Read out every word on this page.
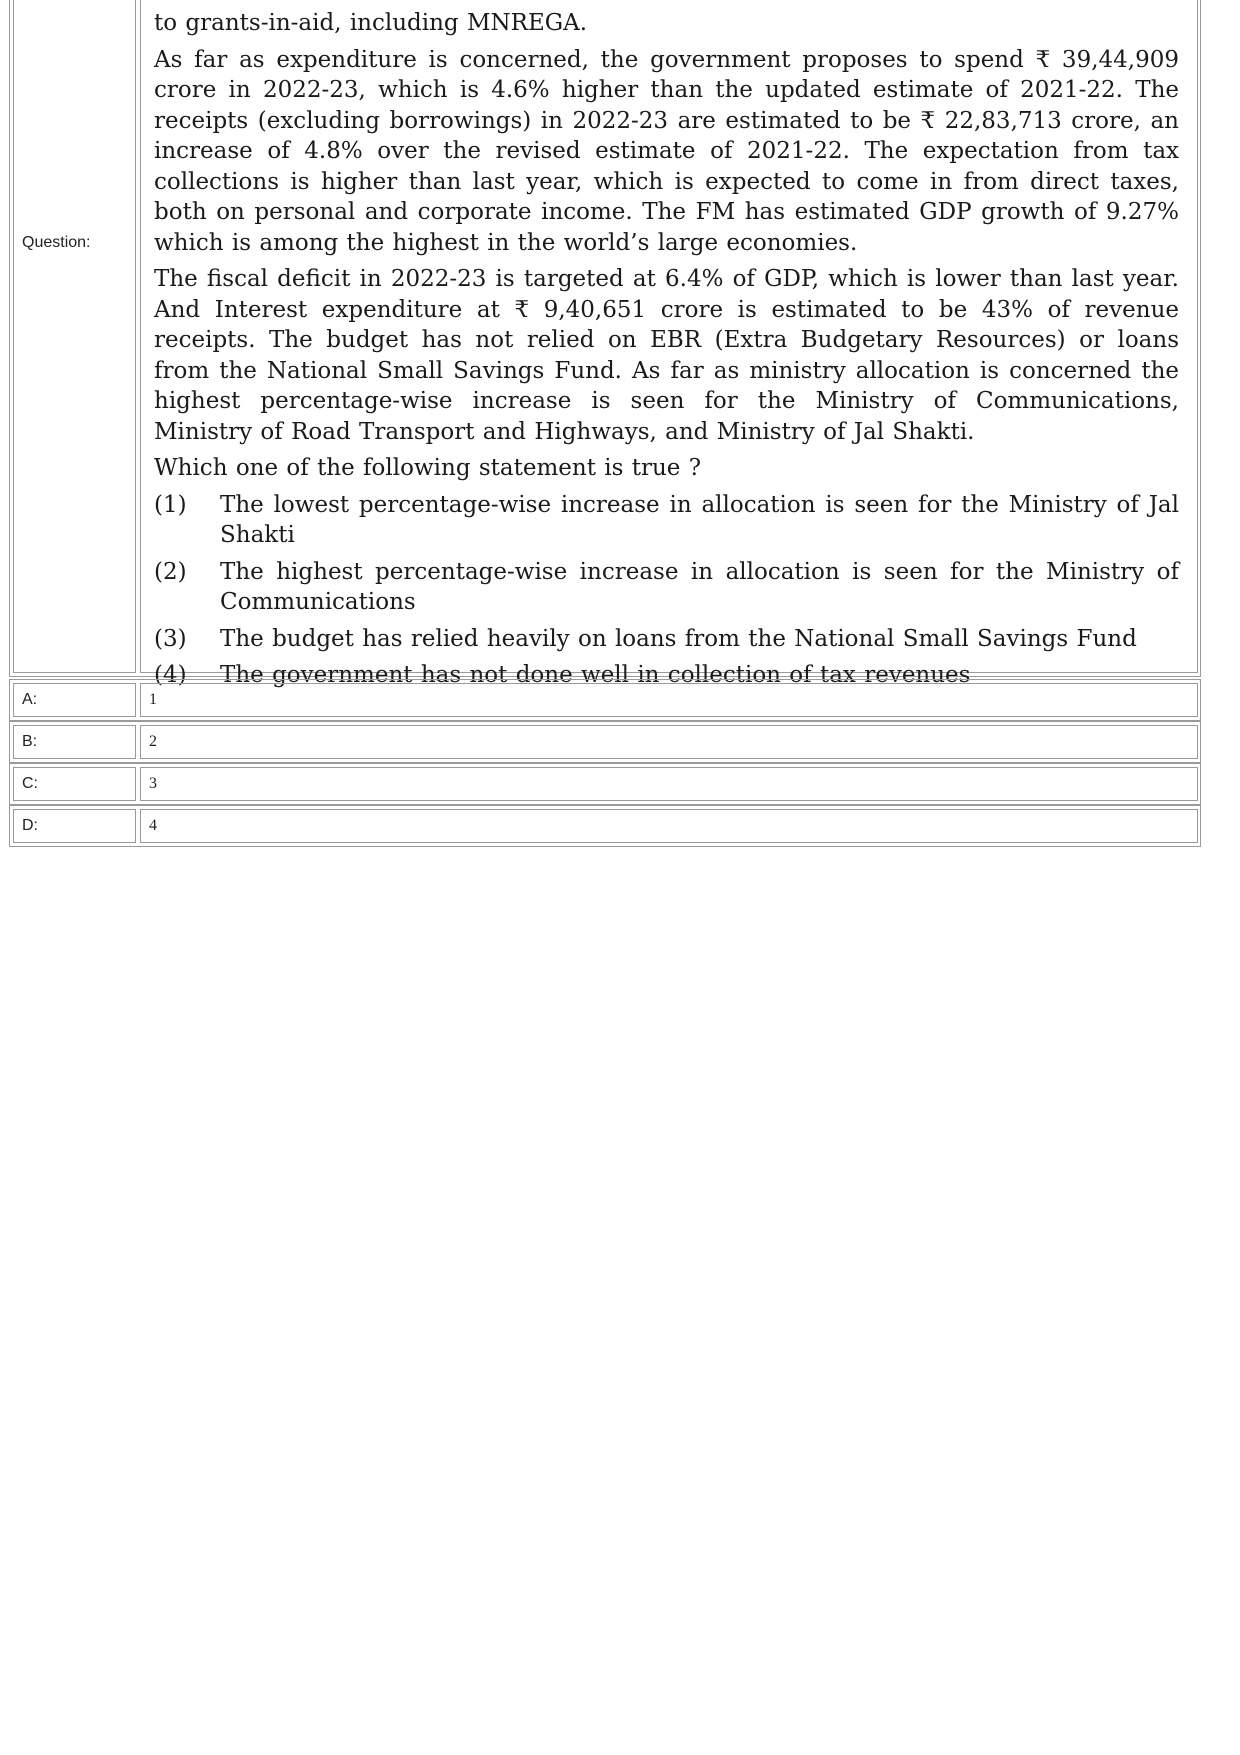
Question:

to grants-in-aid, including MNREGA.

As far as expenditure is concerned, the government proposes to spend ₹ 39,44,909 crore in 2022-23, which is 4.6% higher than the updated estimate of 2021-22. The receipts (excluding borrowings) in 2022-23 are estimated to be ₹ 22,83,713 crore, an increase of 4.8% over the revised estimate of 2021-22. The expectation from tax collections is higher than last year, which is expected to come in from direct taxes, both on personal and corporate income. The FM has estimated GDP growth of 9.27% which is among the highest in the world’s large economies.

The fiscal deficit in 2022-23 is targeted at 6.4% of GDP, which is lower than last year. And Interest expenditure at ₹ 9,40,651 crore is estimated to be 43% of revenue receipts. The budget has not relied on EBR (Extra Budgetary Resources) or loans from the National Small Savings Fund. As far as ministry allocation is concerned the highest percentage-wise increase is seen for the Ministry of Communications, Ministry of Road Transport and Highways, and Ministry of Jal Shakti.

Which one of the following statement is true ?

(1)	The lowest percentage-wise increase in allocation is seen for the Ministry of Jal Shakti
(2)	The highest percentage-wise increase in allocation is seen for the Ministry of Communications
(3)	The budget has relied heavily on loans from the National Small Savings Fund
(4)	The government has not done well in collection of tax revenues
A:	1
B:	2
C:	3
D:	4
